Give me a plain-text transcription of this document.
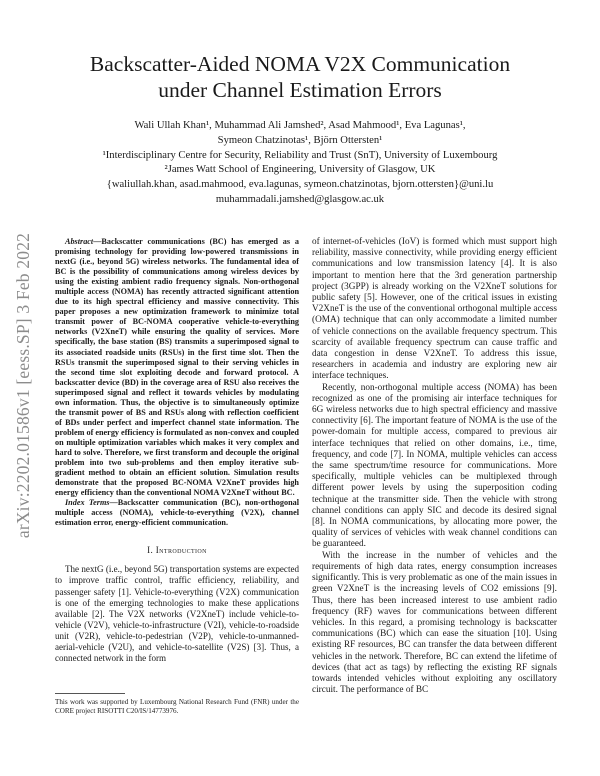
arXiv:2202.01586v1 [eess.SP] 3 Feb 2022
Backscatter-Aided NOMA V2X Communication
under Channel Estimation Errors
Wali Ullah Khan¹, Muhammad Ali Jamshed², Asad Mahmood¹, Eva Lagunas¹,
Symeon Chatzinotas¹, Björn Ottersten¹
¹Interdisciplinary Centre for Security, Reliability and Trust (SnT), University of Luxembourg
²James Watt School of Engineering, University of Glasgow, UK
{waliullah.khan, asad.mahmood, eva.lagunas, symeon.chatzinotas, bjorn.ottersten}@uni.lu
muhammadali.jamshed@glasgow.ac.uk

Abstract—Backscatter communications (BC) has emerged as a promising technology for providing low-powered transmissions in nextG (i.e., beyond 5G) wireless networks. The fundamental idea of BC is the possibility of communications among wireless devices by using the existing ambient radio frequency signals. Non-orthogonal multiple access (NOMA) has recently attracted significant attention due to its high spectral efficiency and massive connectivity. This paper proposes a new optimization framework to minimize total transmit power of BC-NOMA cooperative vehicle-to-everything networks (V2XneT) while ensuring the quality of services. More specifically, the base station (BS) transmits a superimposed signal to its associated roadside units (RSUs) in the first time slot. Then the RSUs transmit the superimposed signal to their serving vehicles in the second time slot exploiting decode and forward protocol. A backscatter device (BD) in the coverage area of RSU also receives the superimposed signal and reflect it towards vehicles by modulating own information. Thus, the objective is to simultaneously optimize the transmit power of BS and RSUs along with reflection coefficient of BDs under perfect and imperfect channel state information. The problem of energy efficiency is formulated as non-convex and coupled on multiple optimization variables which makes it very complex and hard to solve. Therefore, we first transform and decouple the original problem into two sub-problems and then employ iterative sub-gradient method to obtain an efficient solution. Simulation results demonstrate that the proposed BC-NOMA V2XneT provides high energy efficiency than the conventional NOMA V2XneT without BC.

Index Terms—Backscatter communication (BC), non-orthogonal multiple access (NOMA), vehicle-to-everything (V2X), channel estimation error, energy-efficient communication.

I. Introduction

The nextG (i.e., beyond 5G) transportation systems are expected to improve traffic control, traffic efficiency, reliability, and passenger safety [1]. Vehicle-to-everything (V2X) communication is one of the emerging technologies to make these applications available [2]. The V2X networks (V2XneT) include vehicle-to-vehicle (V2V), vehicle-to-infrastructure (V2I), vehicle-to-roadside unit (V2R), vehicle-to-pedestrian (V2P), vehicle-to-unmanned-aerial-vehicle (V2U), and vehicle-to-satellite (V2S) [3]. Thus, a connected network in the form

of internet-of-vehicles (IoV) is formed which must support high reliability, massive connectivity, while providing energy efficient communications and low transmission latency [4]. It is also important to mention here that the 3rd generation partnership project (3GPP) is already working on the V2XneT solutions for public safety [5]. However, one of the critical issues in existing V2XneT is the use of the conventional orthogonal multiple access (OMA) technique that can only accommodate a limited number of vehicle connections on the available frequency spectrum. This scarcity of available frequency spectrum can cause traffic and data congestion in dense V2XneT. To address this issue, researchers in academia and industry are exploring new air interface techniques.

Recently, non-orthogonal multiple access (NOMA) has been recognized as one of the promising air interface techniques for 6G wireless networks due to high spectral efficiency and massive connectivity [6]. The important feature of NOMA is the use of the power-domain for multiple access, compared to previous air interface techniques that relied on other domains, i.e., time, frequency, and code [7]. In NOMA, multiple vehicles can access the same spectrum/time resource for communications. More specifically, multiple vehicles can be multiplexed through different power levels by using the superposition coding technique at the transmitter side. Then the vehicle with strong channel conditions can apply SIC and decode its desired signal [8]. In NOMA communications, by allocating more power, the quality of services of vehicles with weak channel conditions can be guaranteed.

With the increase in the number of vehicles and the requirements of high data rates, energy consumption increases significantly. This is very problematic as one of the main issues in green V2XneT is the increasing levels of CO2 emissions [9]. Thus, there has been increased interest to use ambient radio frequency (RF) waves for communications between different vehicles. In this regard, a promising technology is backscatter communications (BC) which can ease the situation [10]. Using existing RF resources, BC can transfer the data between different vehicles in the network. Therefore, BC can extend the lifetime of devices (that act as tags) by reflecting the existing RF signals towards intended vehicles without exploiting any oscillatory circuit. The performance of BC

This work was supported by Luxembourg National Research Fund (FNR) under the CORE project RISOTTI C20/IS/14773976.
